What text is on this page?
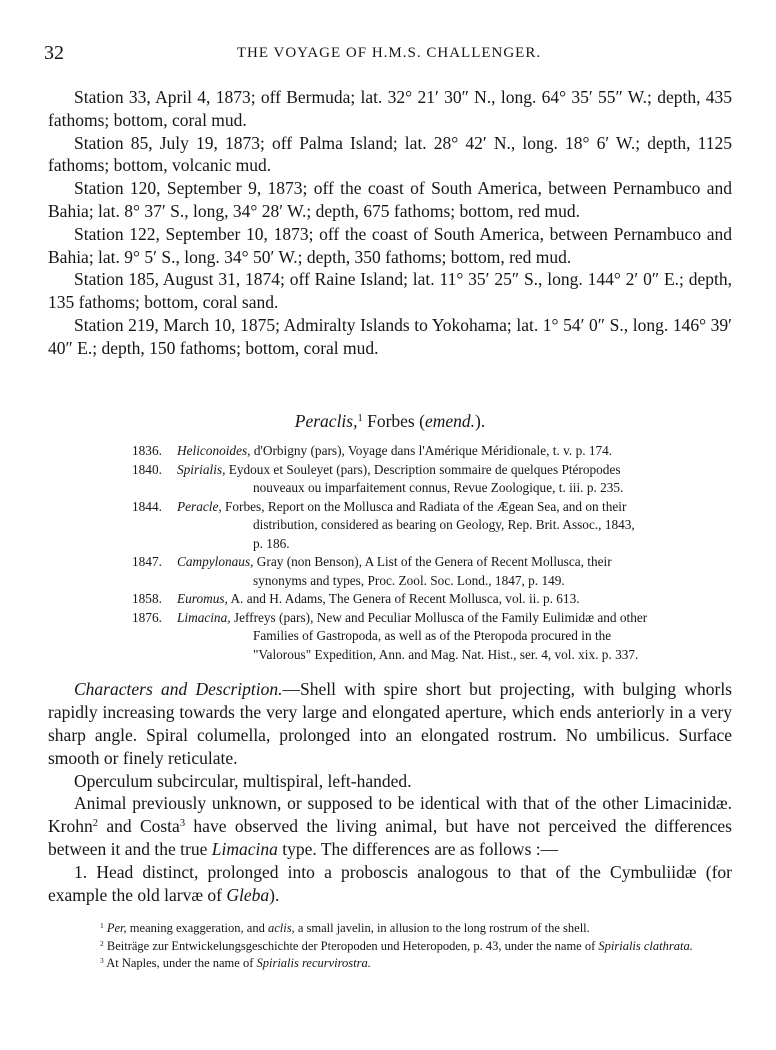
32	THE VOYAGE OF H.M.S. CHALLENGER.

Station 33, April 4, 1873; off Bermuda; lat. 32° 21′ 30″ N., long. 64° 35′ 55″ W.; depth, 435 fathoms; bottom, coral mud.

Station 85, July 19, 1873; off Palma Island; lat. 28° 42′ N., long. 18° 6′ W.; depth, 1125 fathoms; bottom, volcanic mud.

Station 120, September 9, 1873; off the coast of South America, between Pernambuco and Bahia; lat. 8° 37′ S., long, 34° 28′ W.; depth, 675 fathoms; bottom, red mud.

Station 122, September 10, 1873; off the coast of South America, between Pernambuco and Bahia; lat. 9° 5′ S., long. 34° 50′ W.; depth, 350 fathoms; bottom, red mud.

Station 185, August 31, 1874; off Raine Island; lat. 11° 35′ 25″ S., long. 144° 2′ 0″ E.; depth, 135 fathoms; bottom, coral sand.

Station 219, March 10, 1875; Admiralty Islands to Yokohama; lat. 1° 54′ 0″ S., long. 146° 39′ 40″ E.; depth, 150 fathoms; bottom, coral mud.

Peraclis,$^1$ Forbes (emend.).
1836.	Heliconoides, d'Orbigny (pars), Voyage dans l'Amérique Méridionale, t. v. p. 174.
1840.	Spirialis, Eydoux et Souleyet (pars), Description sommaire de quelques Ptéropodes
nouveaux ou imparfaitement connus, Revue Zoologique, t. iii. p. 235.
1844.	Peracle, Forbes, Report on the Mollusca and Radiata of the Ægean Sea, and on their
distribution, considered as bearing on Geology, Rep. Brit. Assoc., 1843,
p. 186.
1847.	Campylonaus, Gray (non Benson), A List of the Genera of Recent Mollusca, their
synonyms and types, Proc. Zool. Soc. Lond., 1847, p. 149.
1858.	Euromus, A. and H. Adams, The Genera of Recent Mollusca, vol. ii. p. 613.
1876.	Limacina, Jeffreys (pars), New and Peculiar Mollusca of the Family Eulimidæ and other
Families of Gastropoda, as well as of the Pteropoda procured in the
"Valorous" Expedition, Ann. and Mag. Nat. Hist., ser. 4, vol. xix. p. 337.

Characters and Description.—Shell with spire short but projecting, with bulging whorls rapidly increasing towards the very large and elongated aperture, which ends anteriorly in a very sharp angle. Spiral columella, prolonged into an elongated rostrum. No umbilicus. Surface smooth or finely reticulate.

Operculum subcircular, multispiral, left-handed.

Animal previously unknown, or supposed to be identical with that of the other Limacinidæ. Krohn$^2$ and Costa$^3$ have observed the living animal, but have not perceived the differences between it and the true Limacina type. The differences are as follows :—

1. Head distinct, prolonged into a proboscis analogous to that of the Cymbuliidæ (for example the old larvæ of Gleba).

$^1$ Per, meaning exaggeration, and aclis, a small javelin, in allusion to the long rostrum of the shell.

$^2$ Beiträge zur Entwickelungsgeschichte der Pteropoden und Heteropoden, p. 43, under the name of Spirialis clathrata.

$^3$ At Naples, under the name of Spirialis recurvirostra.
